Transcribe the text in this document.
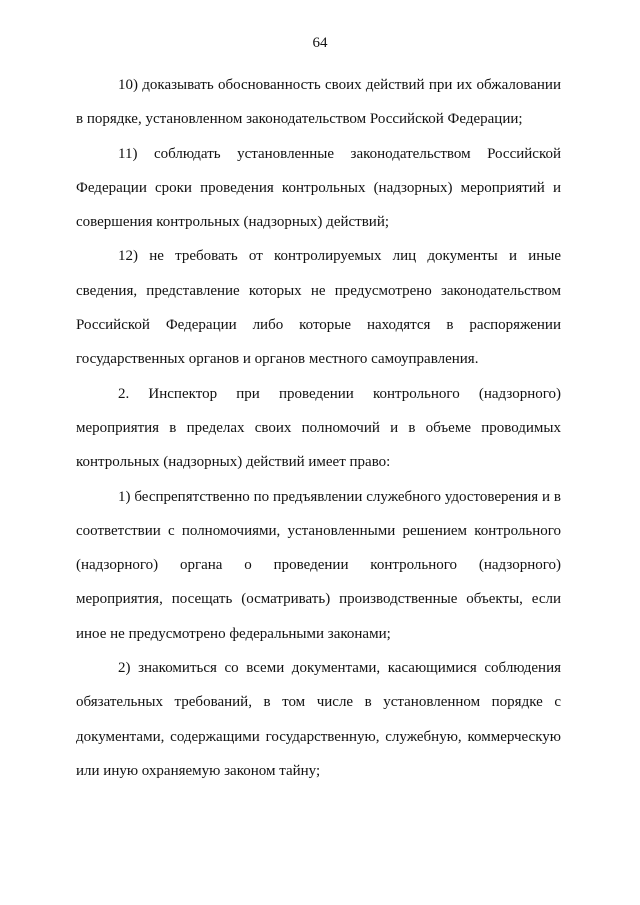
64

10) доказывать обоснованность своих действий при их обжаловании в порядке, установленном законодательством Российской Федерации;

11) соблюдать установленные законодательством Российской Федерации сроки проведения контрольных (надзорных) мероприятий и совершения контрольных (надзорных) действий;

12) не требовать от контролируемых лиц документы и иные сведения, представление которых не предусмотрено законодательством Российской Федерации либо которые находятся в распоряжении государственных органов и органов местного самоуправления.

2. Инспектор при проведении контрольного (надзорного) мероприятия в пределах своих полномочий и в объеме проводимых контрольных (надзорных) действий имеет право:

1) беспрепятственно по предъявлении служебного удостоверения и в соответствии с полномочиями, установленными решением контрольного (надзорного) органа о проведении контрольного (надзорного) мероприятия, посещать (осматривать) производственные объекты, если иное не предусмотрено федеральными законами;

2) знакомиться со всеми документами, касающимися соблюдения обязательных требований, в том числе в установленном порядке с документами, содержащими государственную, служебную, коммерческую или иную охраняемую законом тайну;
